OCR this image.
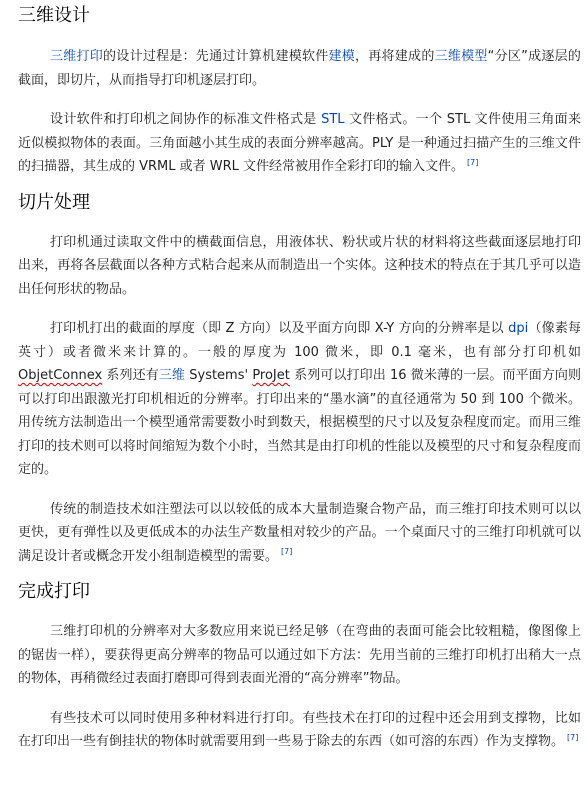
三维设计

三维打印的设计过程是：先通过计算机建模软件建模，再将建成的三维模型“分区”成逐层的截面，即切片，从而指导打印机逐层打印。

设计软件和打印机之间协作的标准文件格式是 STL 文件格式。一个 STL 文件使用三角面来近似模拟物体的表面。三角面越小其生成的表面分辨率越高。PLY 是一种通过扫描产生的三维文件的扫描器，其生成的 VRML 或者 WRL 文件经常被用作全彩打印的输入文件。 [7]

切片处理

打印机通过读取文件中的横截面信息，用液体状、粉状或片状的材料将这些截面逐层地打印出来，再将各层截面以各种方式粘合起来从而制造出一个实体。这种技术的特点在于其几乎可以造出任何形状的物品。

打印机打出的截面的厚度（即 Z 方向）以及平面方向即 X-Y 方向的分辨率是以 dpi（像素每英寸）或者微米来计算的。一般的厚度为 100 微米，即 0.1 毫米，也有部分打印机如 ObjetConnex 系列还有三维 Systems' ProJet 系列可以打印出 16 微米薄的一层。而平面方向则可以打印出跟激光打印机相近的分辨率。打印出来的“墨水滴”的直径通常为 50 到 100 个微米。用传统方法制造出一个模型通常需要数小时到数天，根据模型的尺寸以及复杂程度而定。而用三维打印的技术则可以将时间缩短为数个小时，当然其是由打印机的性能以及模型的尺寸和复杂程度而定的。

传统的制造技术如注塑法可以以较低的成本大量制造聚合物产品，而三维打印技术则可以以更快，更有弹性以及更低成本的办法生产数量相对较少的产品。一个桌面尺寸的三维打印机就可以满足设计者或概念开发小组制造模型的需要。 [7]

完成打印

三维打印机的分辨率对大多数应用来说已经足够（在弯曲的表面可能会比较粗糙，像图像上的锯齿一样），要获得更高分辨率的物品可以通过如下方法：先用当前的三维打印机打出稍大一点的物体，再稍微经过表面打磨即可得到表面光滑的“高分辨率”物品。

有些技术可以同时使用多种材料进行打印。有些技术在打印的过程中还会用到支撑物，比如在打印出一些有倒挂状的物体时就需要用到一些易于除去的东西（如可溶的东西）作为支撑物。 [7]
